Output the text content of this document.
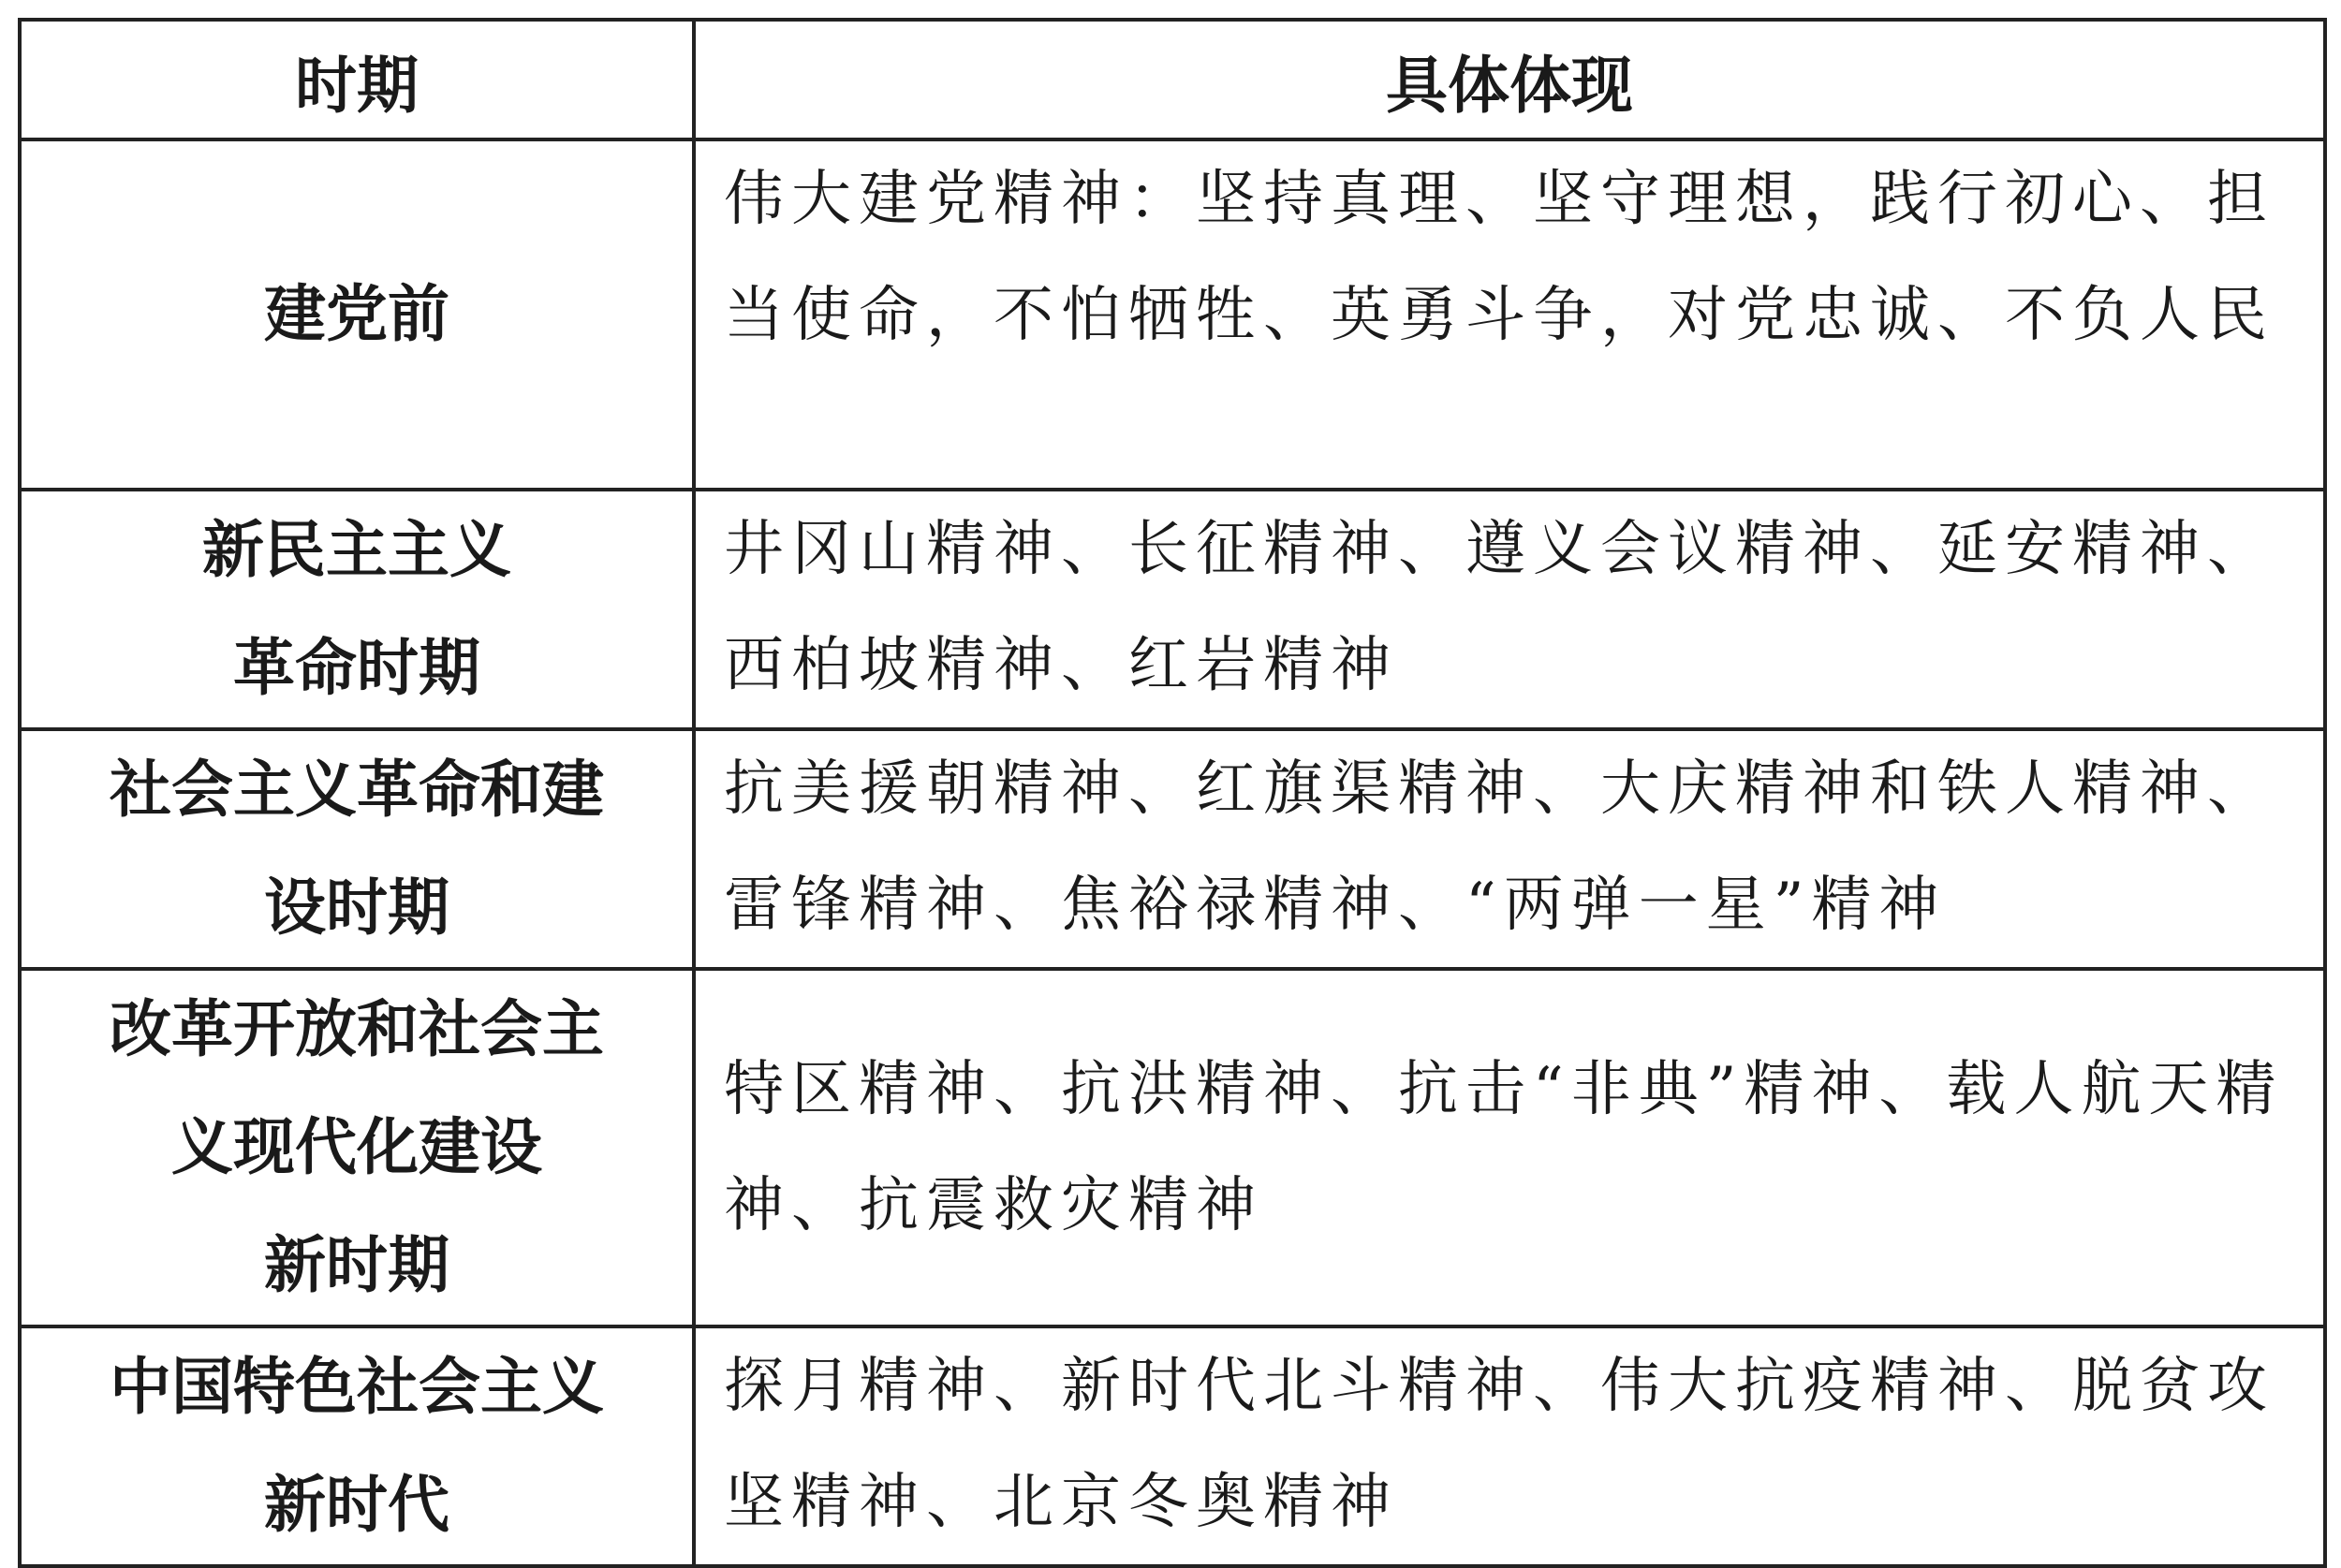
时期	具体体现
建党前	伟大建党精神：坚持真理、坚守理想，践行初心、担当使命，不怕牺牲、英勇斗争，对党忠诚、不负人民
新民主主义
革命时期	井冈山精神、长征精神、遵义会议精神、延安精神、西柏坡精神、红岩精神
社会主义革命和建
设时期	抗美援朝精神、红旗渠精神、大庆精神和铁人精神、雷锋精神、焦裕禄精神、“两弹一星”精神
改革开放和社会主
义现代化建设
新时期	特区精神、抗洪精神、抗击“非典”精神、载人航天精神、抗震救灾精神
中国特色社会主义
新时代	探月精神、新时代北斗精神、伟大抗疫精神、脱贫攻坚精神、北京冬奥精神
